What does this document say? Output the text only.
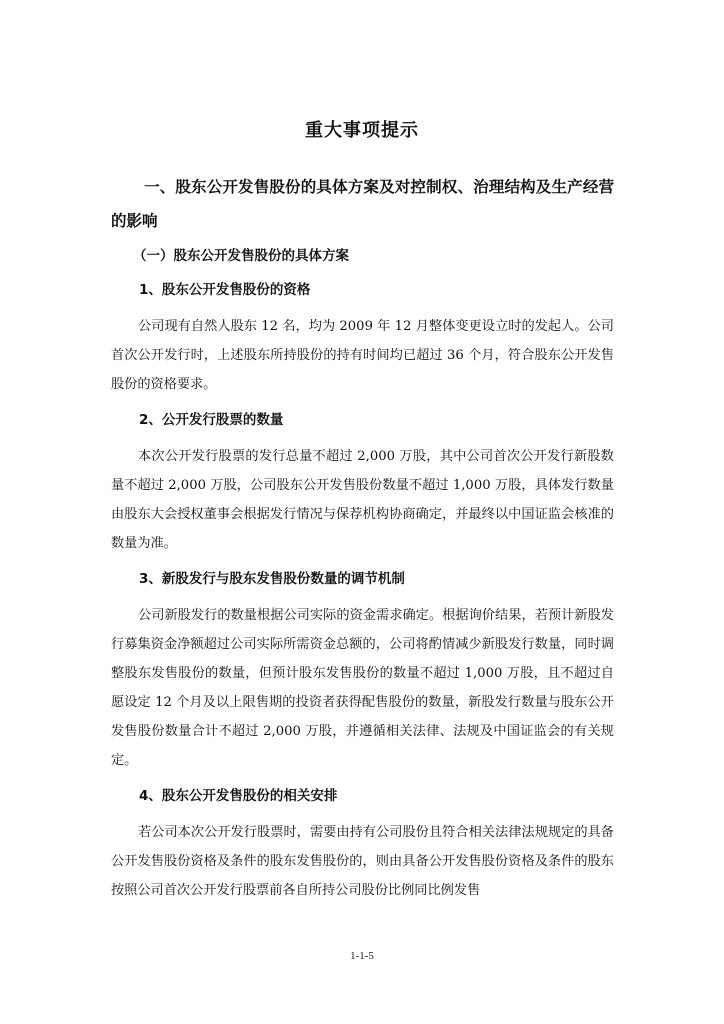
重大事项提示

一、股东公开发售股份的具体方案及对控制权、治理结构及生产经营的影响

（一）股东公开发售股份的具体方案

1、股东公开发售股份的资格

公司现有自然人股东 12 名，均为 2009 年 12 月整体变更设立时的发起人。公司首次公开发行时，上述股东所持股份的持有时间均已超过 36 个月，符合股东公开发售股份的资格要求。

2、公开发行股票的数量

本次公开发行股票的发行总量不超过 2,000 万股，其中公司首次公开发行新股数量不超过 2,000 万股，公司股东公开发售股份数量不超过 1,000 万股，具体发行数量由股东大会授权董事会根据发行情况与保荐机构协商确定，并最终以中国证监会核准的数量为准。

3、新股发行与股东发售股份数量的调节机制

公司新股发行的数量根据公司实际的资金需求确定。根据询价结果，若预计新股发行募集资金净额超过公司实际所需资金总额的，公司将酌情减少新股发行数量，同时调整股东发售股份的数量，但预计股东发售股份的数量不超过 1,000 万股，且不超过自愿设定 12 个月及以上限售期的投资者获得配售股份的数量，新股发行数量与股东公开发售股份数量合计不超过 2,000 万股，并遵循相关法律、法规及中国证监会的有关规定。

4、股东公开发售股份的相关安排

若公司本次公开发行股票时，需要由持有公司股份且符合相关法律法规规定的具备公开发售股份资格及条件的股东发售股份的，则由具备公开发售股份资格及条件的股东按照公司首次公开发行股票前各自所持公司股份比例同比例发售

1-1-5
